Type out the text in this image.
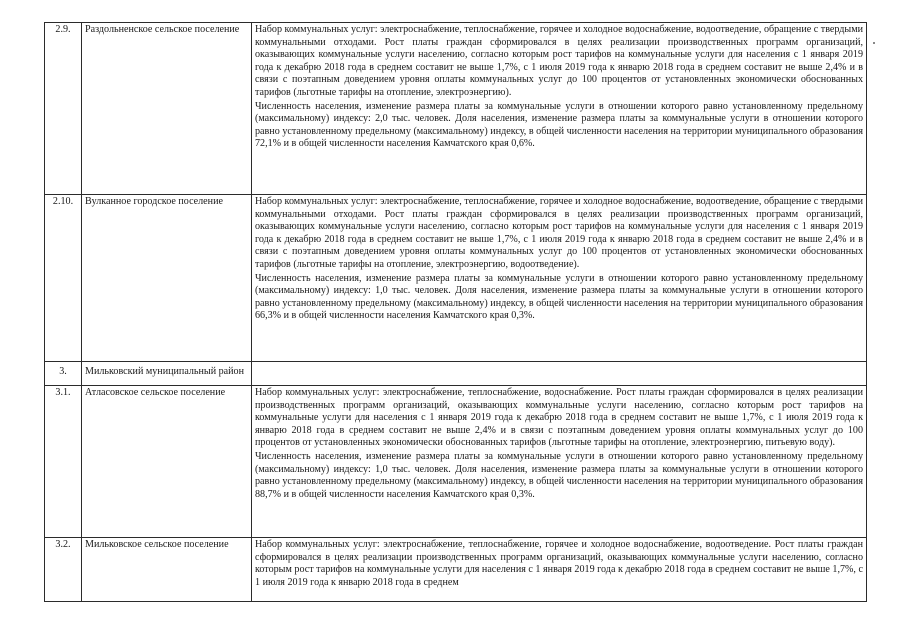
2.9.	Раздольненское сельское поселение	Набор коммунальных услуг: электроснабжение, теплоснабжение, горячее и холодное водоснабжение, водоотведение, обращение с твердыми коммунальными отходами. Рост платы граждан сформировался в целях реализации производственных программ организаций, оказывающих коммунальные услуги населению, согласно которым рост тарифов на коммунальные услуги для населения с 1 января 2019 года к декабрю 2018 года в среднем составит не выше 1,7%, с 1 июля 2019 года к январю 2018 года в среднем составит не выше 2,4% и в связи с поэтапным доведением уровня оплаты коммунальных услуг до 100 процентов от установленных экономически обоснованных тарифов (льготные тарифы на отопление, электроэнергию).

Численность населения, изменение размера платы за коммунальные услуги в отношении которого равно установленному предельному (максимальному) индексу: 2,0 тыс. человек. Доля населения, изменение размера платы за коммунальные услуги в отношении которого равно установленному предельному (максимальному) индексу, в общей численности населения на территории муниципального образования 72,1% и в общей численности населения Камчатского края 0,6%.

2.10.	Вулканное городское поселение	Набор коммунальных услуг: электроснабжение, теплоснабжение, горячее и холодное водоснабжение, водоотведение, обращение с твердыми коммунальными отходами. Рост платы граждан сформировался в целях реализации производственных программ организаций, оказывающих коммунальные услуги населению, согласно которым рост тарифов на коммунальные услуги для населения с 1 января 2019 года к декабрю 2018 года в среднем составит не выше 1,7%, с 1 июля 2019 года к январю 2018 года в среднем составит не выше 2,4% и в связи с поэтапным доведением уровня оплаты коммунальных услуг до 100 процентов от установленных экономически обоснованных тарифов (льготные тарифы на отопление, электроэнергию, водоотведение).

Численность населения, изменение размера платы за коммунальные услуги в отношении которого равно установленному предельному (максимальному) индексу: 1,0 тыс. человек. Доля населения, изменение размера платы за коммунальные услуги в отношении которого равно установленному предельному (максимальному) индексу, в общей численности населения на территории муниципального образования 66,3% и в общей численности населения Камчатского края 0,3%.

3.	Мильковский муниципальный район	
3.1.	Атласовское сельское поселение	Набор коммунальных услуг: электроснабжение, теплоснабжение, водоснабжение. Рост платы граждан сформировался в целях реализации производственных программ организаций, оказывающих коммунальные услуги населению, согласно которым рост тарифов на коммунальные услуги для населения с 1 января 2019 года к декабрю 2018 года в среднем составит не выше 1,7%, с 1 июля 2019 года к январю 2018 года в среднем составит не выше 2,4% и в связи с поэтапным доведением уровня оплаты коммунальных услуг до 100 процентов от установленных экономически обоснованных тарифов (льготные тарифы на отопление, электроэнергию, питьевую воду).

Численность населения, изменение размера платы за коммунальные услуги в отношении которого равно установленному предельному (максимальному) индексу: 1,0 тыс. человек. Доля населения, изменение размера платы за коммунальные услуги в отношении которого равно установленному предельному (максимальному) индексу, в общей численности населения на территории муниципального образования 88,7% и в общей численности населения Камчатского края 0,3%.

3.2.	Мильковское сельское поселение	Набор коммунальных услуг: электроснабжение, теплоснабжение, горячее и холодное водоснабжение, водоотведение. Рост платы граждан сформировался в целях реализации производственных программ организаций, оказывающих коммунальные услуги населению, согласно которым рост тарифов на коммунальные услуги для населения с 1 января 2019 года к декабрю 2018 года в среднем составит не выше 1,7%, с 1 июля 2019 года к январю 2018 года в среднем
